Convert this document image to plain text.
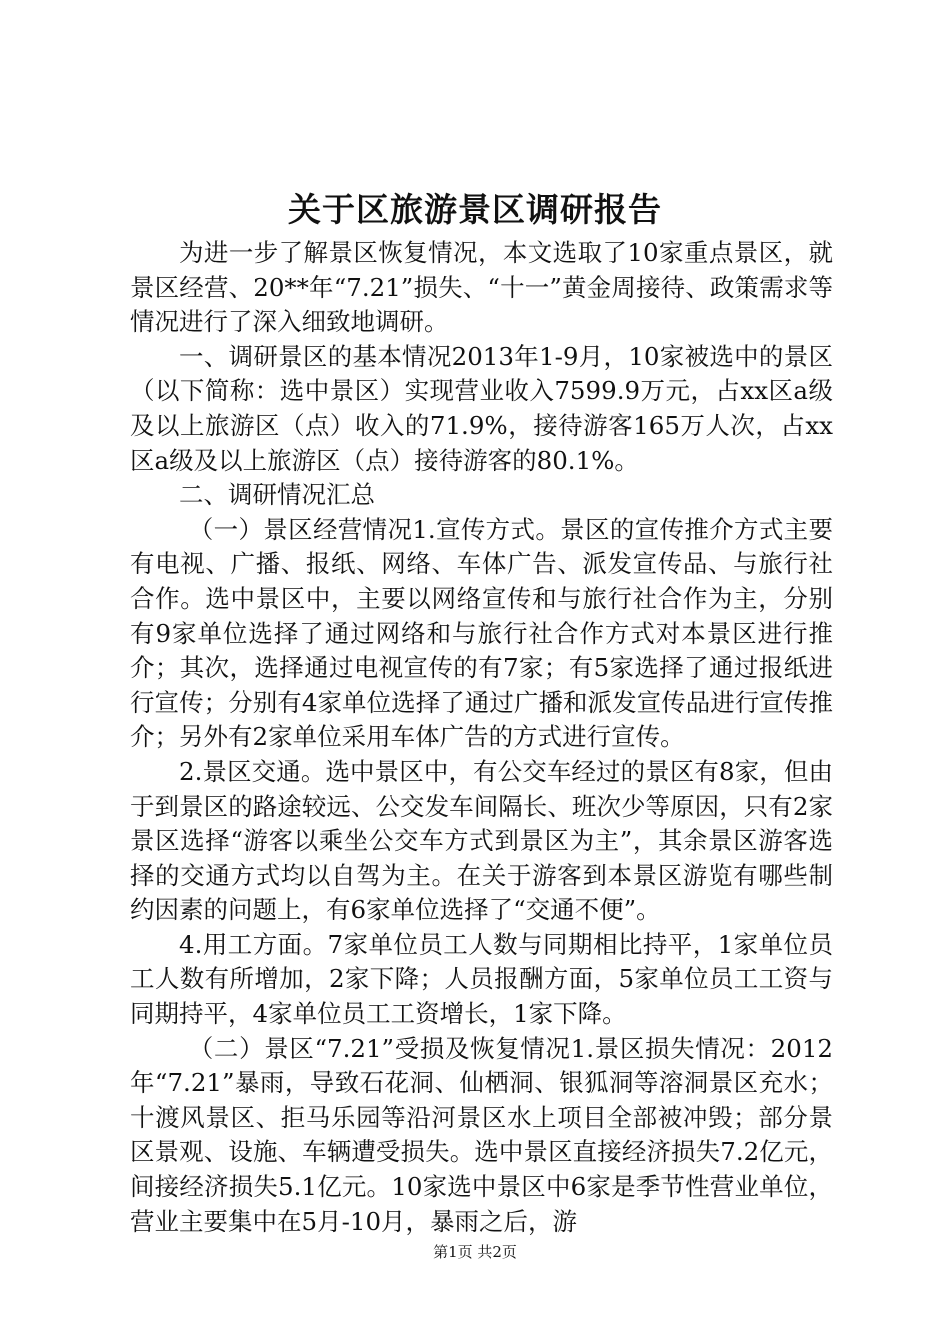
关于区旅游景区调研报告

为进一步了解景区恢复情况，本文选取了10家重点景区，就景区经营、20**年“7.21”损失、“十一”黄金周接待、政策需求等情况进行了深入细致地调研。

一、调研景区的基本情况2013年1-9月，10家被选中的景区（以下简称：选中景区）实现营业收入7599.9万元，占xx区a级及以上旅游区（点）收入的71.9%，接待游客165万人次，占xx区a级及以上旅游区（点）接待游客的80.1%。

二、调研情况汇总

（一）景区经营情况1.宣传方式。景区的宣传推介方式主要有电视、广播、报纸、网络、车体广告、派发宣传品、与旅行社合作。选中景区中，主要以网络宣传和与旅行社合作为主，分别有9家单位选择了通过网络和与旅行社合作方式对本景区进行推介；其次，选择通过电视宣传的有7家；有5家选择了通过报纸进行宣传；分别有4家单位选择了通过广播和派发宣传品进行宣传推介；另外有2家单位采用车体广告的方式进行宣传。

2.景区交通。选中景区中，有公交车经过的景区有8家，但由于到景区的路途较远、公交发车间隔长、班次少等原因，只有2家景区选择“游客以乘坐公交车方式到景区为主”，其余景区游客选择的交通方式均以自驾为主。在关于游客到本景区游览有哪些制约因素的问题上，有6家单位选择了“交通不便”。

4.用工方面。7家单位员工人数与同期相比持平，1家单位员工人数有所增加，2家下降；人员报酬方面，5家单位员工工资与同期持平，4家单位员工工资增长，1家下降。

（二）景区“7.21”受损及恢复情况1.景区损失情况：2012年“7.21”暴雨，导致石花洞、仙栖洞、银狐洞等溶洞景区充水；十渡风景区、拒马乐园等沿河景区水上项目全部被冲毁；部分景区景观、设施、车辆遭受损失。选中景区直接经济损失7.2亿元，间接经济损失5.1亿元。10家选中景区中6家是季节性营业单位，营业主要集中在5月-10月，暴雨之后，游

第1页 共2页
